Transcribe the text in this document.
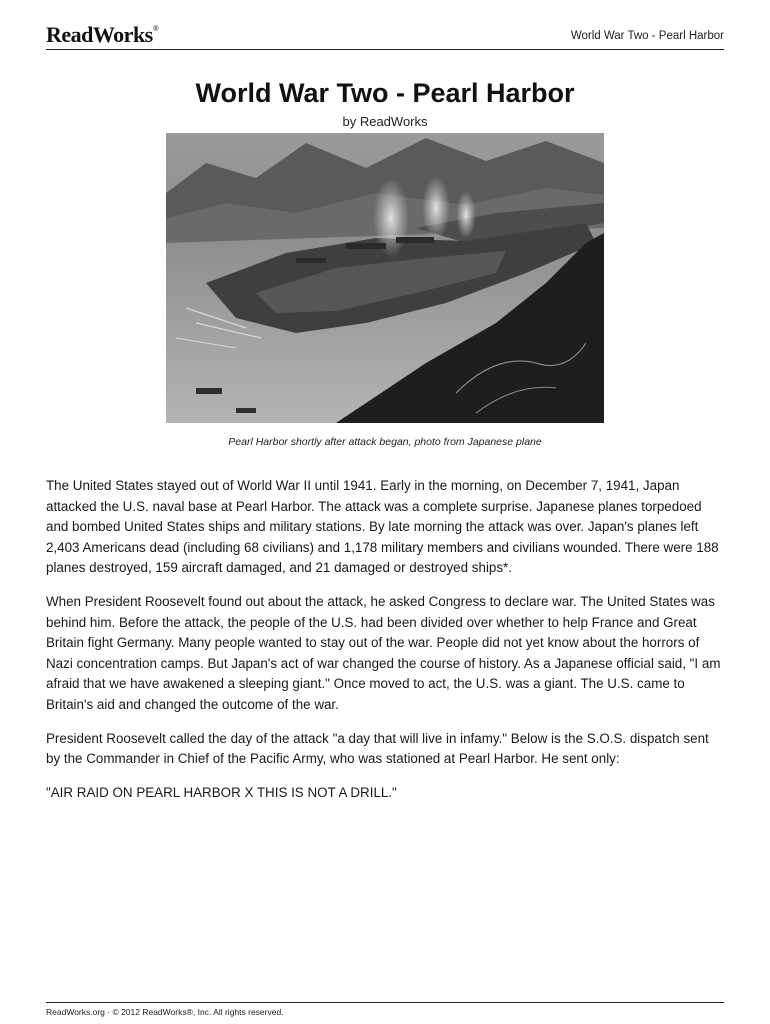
ReadWorks®
World War Two - Pearl Harbor
World War Two - Pearl Harbor
by ReadWorks
Pearl Harbor shortly after attack began, photo from Japanese plane

The United States stayed out of World War II until 1941. Early in the morning, on December 7, 1941, Japan attacked the U.S. naval base at Pearl Harbor. The attack was a complete surprise. Japanese planes torpedoed and bombed United States ships and military stations. By late morning the attack was over. Japan's planes left 2,403 Americans dead (including 68 civilians) and 1,178 military members and civilians wounded. There were 188 planes destroyed, 159 aircraft damaged, and 21 damaged or destroyed ships*.

When President Roosevelt found out about the attack, he asked Congress to declare war. The United States was behind him. Before the attack, the people of the U.S. had been divided over whether to help France and Great Britain fight Germany. Many people wanted to stay out of the war. People did not yet know about the horrors of Nazi concentration camps. But Japan's act of war changed the course of history. As a Japanese official said, "I am afraid that we have awakened a sleeping giant." Once moved to act, the U.S. was a giant. The U.S. came to Britain's aid and changed the outcome of the war.

President Roosevelt called the day of the attack "a day that will live in infamy." Below is the S.O.S. dispatch sent by the Commander in Chief of the Pacific Army, who was stationed at Pearl Harbor. He sent only:

"AIR RAID ON PEARL HARBOR X THIS IS NOT A DRILL."

ReadWorks.org · © 2012 ReadWorks®, Inc. All rights reserved.
